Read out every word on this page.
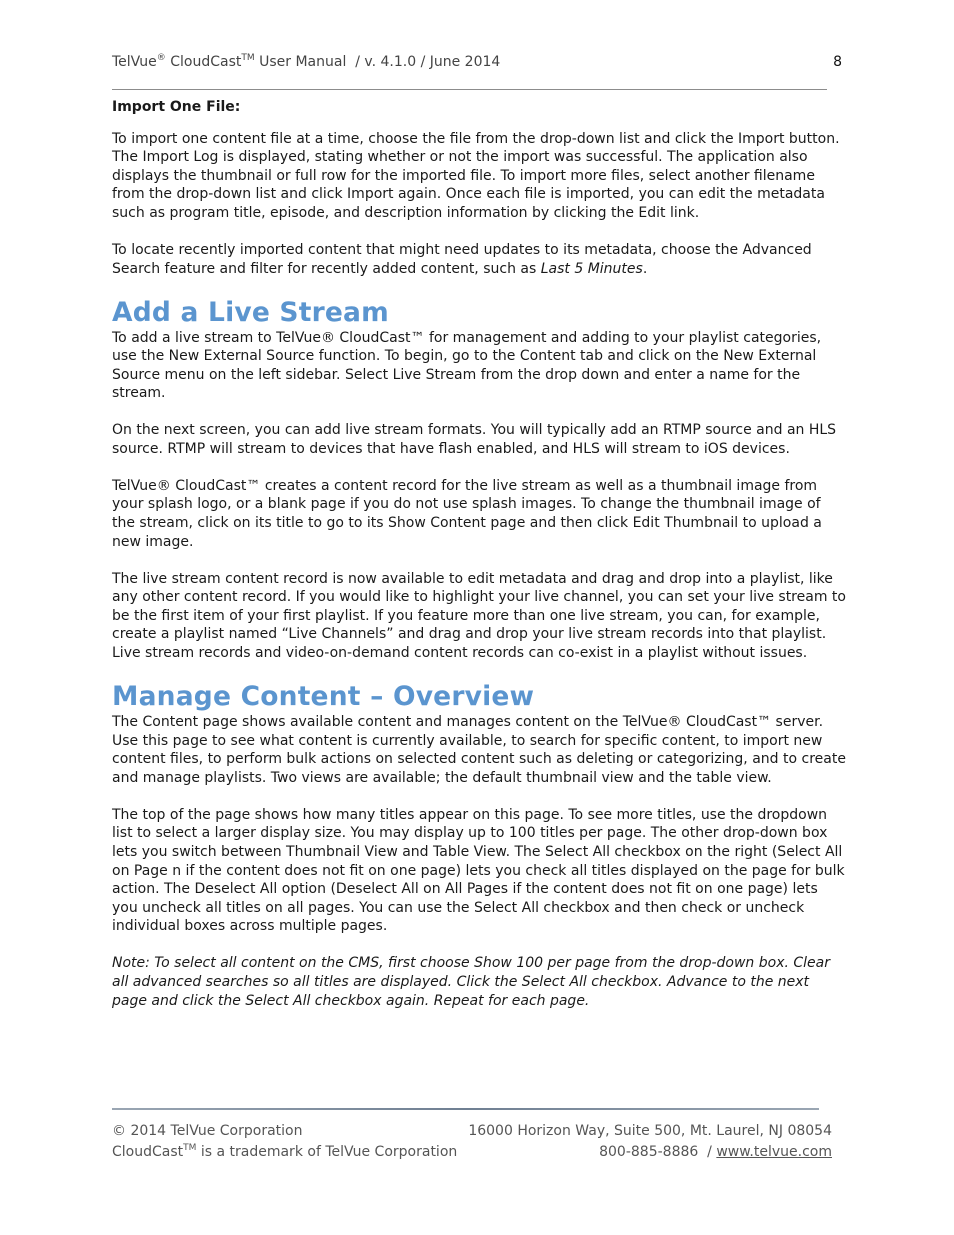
TelVue® CloudCast™ User Manual  / v. 4.1.0 / June 2014	8

Import One File:

To import one content file at a time, choose the file from the drop-down list and click the Import button. The Import Log is displayed, stating whether or not the import was successful. The application also displays the thumbnail or full row for the imported file. To import more files, select another filename from the drop-down list and click Import again. Once each file is imported, you can edit the metadata such as program title, episode, and description information by clicking the Edit link.

To locate recently imported content that might need updates to its metadata, choose the Advanced Search feature and filter for recently added content, such as Last 5 Minutes.

Add a Live Stream

To add a live stream to TelVue® CloudCast™ for management and adding to your playlist categories, use the New External Source function. To begin, go to the Content tab and click on the New External Source menu on the left sidebar. Select Live Stream from the drop down and enter a name for the stream.

On the next screen, you can add live stream formats. You will typically add an RTMP source and an HLS source. RTMP will stream to devices that have flash enabled, and HLS will stream to iOS devices.

TelVue® CloudCast™ creates a content record for the live stream as well as a thumbnail image from your splash logo, or a blank page if you do not use splash images. To change the thumbnail image of the stream, click on its title to go to its Show Content page and then click Edit Thumbnail to upload a new image.

The live stream content record is now available to edit metadata and drag and drop into a playlist, like any other content record. If you would like to highlight your live channel, you can set your live stream to be the first item of your first playlist. If you feature more than one live stream, you can, for example, create a playlist named “Live Channels” and drag and drop your live stream records into that playlist. Live stream records and video-on-demand content records can co-exist in a playlist without issues.

Manage Content – Overview

The Content page shows available content and manages content on the TelVue® CloudCast™ server. Use this page to see what content is currently available, to search for specific content, to import new content files, to perform bulk actions on selected content such as deleting or categorizing, and to create and manage playlists. Two views are available; the default thumbnail view and the table view.

The top of the page shows how many titles appear on this page. To see more titles, use the dropdown list to select a larger display size. You may display up to 100 titles per page. The other drop-down box lets you switch between Thumbnail View and Table View. The Select All checkbox on the right (Select All on Page n if the content does not fit on one page) lets you check all titles displayed on the page for bulk action. The Deselect All option (Deselect All on All Pages if the content does not fit on one page) lets you uncheck all titles on all pages. You can use the Select All checkbox and then check or uncheck individual boxes across multiple pages.

Note: To select all content on the CMS, first choose Show 100 per page from the drop-down box. Clear all advanced searches so all titles are displayed. Click the Select All checkbox. Advance to the next page and click the Select All checkbox again. Repeat for each page.

© 2014 TelVue Corporation	16000 Horizon Way, Suite 500, Mt. Laurel, NJ 08054
CloudCast™ is a trademark of TelVue Corporation	800-885-8886  / www.telvue.com
